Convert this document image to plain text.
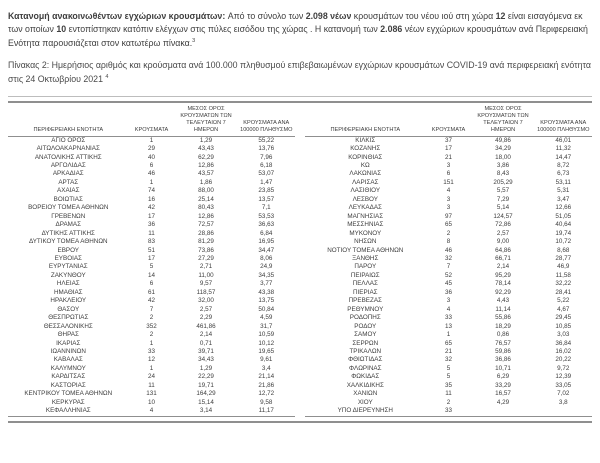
Κατανομή ανακοινωθέντων εγχώριων κρουσμάτων: Από το σύνολο των 2.098 νέων κρουσμάτων του νέου ιού στη χώρα 12 είναι εισαγόμενα εκ των οποίων 10 εντοπίστηκαν κατόπιν ελέγχων στις πύλες εισόδου της χώρας . Η κατανομή των 2.086 νέων εγχώριων κρουσμάτων ανά Περιφερειακή Ενότητα παρουσιάζεται στον κατωτέρω πίνακα.$^3$

Πίνακας 2: Ημερήσιος αριθμός και κρούσματα ανά 100.000 πληθυσμού επιβεβαιωμένων εγχώριων κρουσμάτων COVID-19 ανά περιφερειακή ενότητα στις 24 Οκτωβρίου 2021 $^4$

ΠΕΡΙΦΕΡΕΙΑΚΗ ΕΝΟΤΗΤΑ	ΚΡΟΥΣΜΑΤΑ	ΜΕΣΟΣ ΟΡΟΣ ΚΡΟΥΣΜΑΤΩΝ ΤΩΝ ΤΕΛΕΥΤΑΙΩΝ 7 ΗΜΕΡΩΝ	ΚΡΟΥΣΜΑΤΑ ΑΝΑ 100000 ΠΛΗΘΥΣΜΟ
ΑΓΙΟ ΟΡΟΣ	1	1,29	55,22
ΑΙΤΩΛΟΑΚΑΡΝΑΝΙΑΣ	29	43,43	13,76
ΑΝΑΤΟΛΙΚΗΣ ΑΤΤΙΚΗΣ	40	62,29	7,96
ΑΡΓΟΛΙΔΑΣ	6	12,86	6,18
ΑΡΚΑΔΙΑΣ	46	43,57	53,07
ΑΡΤΑΣ	1	1,86	1,47
ΑΧΑΪΑΣ	74	88,00	23,85
ΒΟΙΩΤΙΑΣ	16	25,14	13,57
ΒΟΡΕΙΟΥ ΤΟΜΕΑ ΑΘΗΝΩΝ	42	80,43	7,1
ΓΡΕΒΕΝΩΝ	17	12,86	53,53
ΔΡΑΜΑΣ	36	72,57	36,63
ΔΥΤΙΚΗΣ ΑΤΤΙΚΗΣ	11	28,86	6,84
ΔΥΤΙΚΟΥ ΤΟΜΕΑ ΑΘΗΝΩΝ	83	81,29	16,95
ΕΒΡΟΥ	51	73,86	34,47
ΕΥΒΟΙΑΣ	17	27,29	8,06
ΕΥΡΥΤΑΝΙΑΣ	5	2,71	24,9
ΖΑΚΥΝΘΟΥ	14	11,00	34,35
ΗΛΕΙΑΣ	6	9,57	3,77
ΗΜΑΘΙΑΣ	61	118,57	43,38
ΗΡΑΚΛΕΙΟΥ	42	32,00	13,75
ΘΑΣΟΥ	7	2,57	50,84
ΘΕΣΠΡΩΤΙΑΣ	2	2,29	4,59
ΘΕΣΣΑΛΟΝΙΚΗΣ	352	461,86	31,7
ΘΗΡΑΣ	2	2,14	10,59
ΙΚΑΡΙΑΣ	1	0,71	10,12
ΙΩΑΝΝΙΝΩΝ	33	39,71	19,65
ΚΑΒΑΛΑΣ	12	34,43	9,61
ΚΑΛΥΜΝΟΥ	1	1,29	3,4
ΚΑΡΔΙΤΣΑΣ	24	22,29	21,14
ΚΑΣΤΟΡΙΑΣ	11	19,71	21,86
ΚΕΝΤΡΙΚΟΥ ΤΟΜΕΑ ΑΘΗΝΩΝ	131	164,29	12,72
ΚΕΡΚΥΡΑΣ	10	15,14	9,58
ΚΕΦΑΛΛΗΝΙΑΣ	4	3,14	11,17
ΠΕΡΙΦΕΡΕΙΑΚΗ ΕΝΟΤΗΤΑ	ΚΡΟΥΣΜΑΤΑ	ΜΕΣΟΣ ΟΡΟΣ ΚΡΟΥΣΜΑΤΩΝ ΤΩΝ ΤΕΛΕΥΤΑΙΩΝ 7 ΗΜΕΡΩΝ	ΚΡΟΥΣΜΑΤΑ ΑΝΑ 100000 ΠΛΗΘΥΣΜΟ
ΚΙΛΚΙΣ	37	49,86	46,01
ΚΟΖΑΝΗΣ	17	34,29	11,32
ΚΟΡΙΝΘΙΑΣ	21	18,00	14,47
ΚΩ	3	3,86	8,72
ΛΑΚΩΝΙΑΣ	6	8,43	6,73
ΛΑΡΙΣΑΣ	151	205,29	53,11
ΛΑΣΙΘΙΟΥ	4	5,57	5,31
ΛΕΣΒΟΥ	3	7,29	3,47
ΛΕΥΚΑΔΑΣ	3	5,14	12,66
ΜΑΓΝΗΣΙΑΣ	97	124,57	51,05
ΜΕΣΣΗΝΙΑΣ	65	72,86	40,64
ΜΥΚΟΝΟΥ	2	2,57	19,74
ΝΗΣΩΝ	8	9,00	10,72
ΝΟΤΙΟΥ ΤΟΜΕΑ ΑΘΗΝΩΝ	46	64,86	8,68
ΞΑΝΘΗΣ	32	66,71	28,77
ΠΑΡΟΥ	7	2,14	46,9
ΠΕΙΡΑΙΩΣ	52	95,29	11,58
ΠΕΛΛΑΣ	45	78,14	32,22
ΠΙΕΡΙΑΣ	36	92,29	28,41
ΠΡΕΒΕΖΑΣ	3	4,43	5,22
ΡΕΘΥΜΝΟΥ	4	11,14	4,67
ΡΟΔΟΠΗΣ	33	55,86	29,45
ΡΟΔΟΥ	13	18,29	10,85
ΣΑΜΟΥ	1	0,86	3,03
ΣΕΡΡΩΝ	65	76,57	36,84
ΤΡΙΚΑΛΩΝ	21	59,86	16,02
ΦΘΙΩΤΙΔΑΣ	32	36,86	20,22
ΦΛΩΡΙΝΑΣ	5	10,71	9,72
ΦΩΚΙΔΑΣ	5	6,29	12,39
ΧΑΛΚΙΔΙΚΗΣ	35	33,29	33,05
ΧΑΝΙΩΝ	11	16,57	7,02
ΧΙΟΥ	2	4,29	3,8
ΥΠΟ ΔΙΕΡΕΥΝΗΣΗ	33		
